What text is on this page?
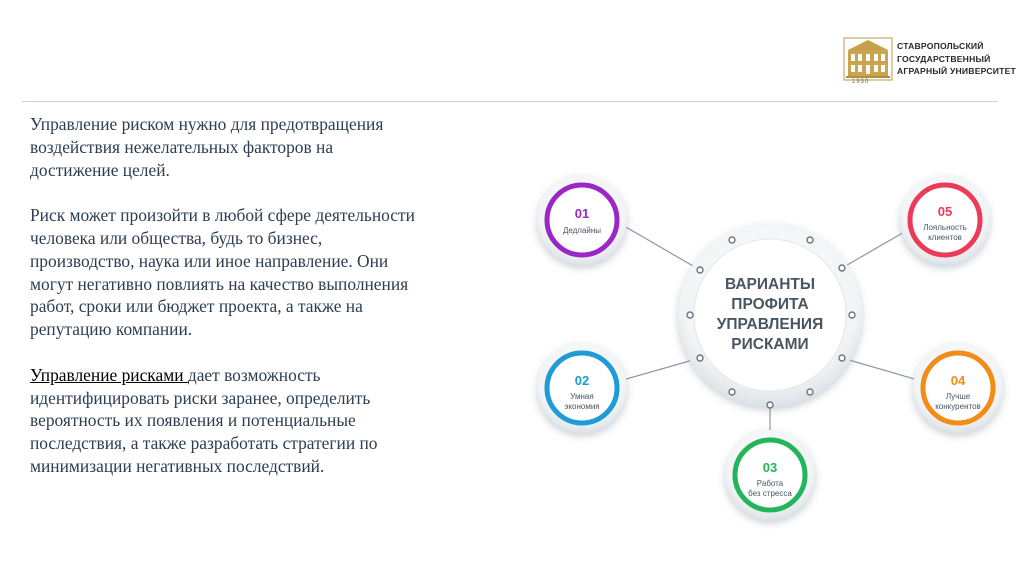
1930
СТАВРОПОЛЬСКИЙ
ГОСУДАРСТВЕННЫЙ
АГРАРНЫЙ УНИВЕРСИТЕТ

Управление риском нужно для предотвращения

воздействия нежелательных факторов на

достижение целей.

Риск может произойти в любой сфере деятельности

человека или общества, будь то бизнес,

производство, наука или иное направление. Они

могут негативно повлиять на качество выполнения

работ, сроки или бюджет проекта, а также на

репутацию компании.

Управление рисками дает возможность

идентифицировать риски заранее, определить

вероятность их появления и потенциальные

последствия, а также разработать стратегии по

минимизации негативных последствий.

ВАРИАНТЫ
ПРОФИТА
УПРАВЛЕНИЯ
РИСКАМИ
01
Дедлайны
05
Лояльность
клиентов
02
Умная
экономия
04
Лучше
конкурентов
03
Работа
без стресса
